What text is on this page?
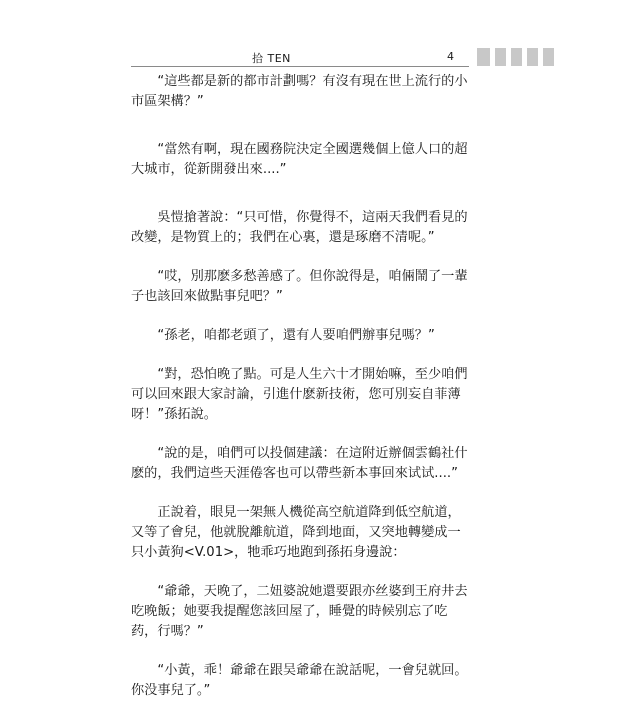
拾 TEN	4

“這些都是新的都市計劃嗎？有沒有現在世上流行的小市區架構？”

“當然有啊，現在國務院決定全國選幾個上億人口的超大城市，從新開發出來....”

吳愷搶著說：“只可惜，你覺得不，這兩天我們看見的改變，是物質上的；我們在心裏，還是琢磨不清呢。”

“哎，別那麽多愁善感了。但你說得是，咱倆鬧了一輩子也該回來做點事兒吧？”

“孫老，咱都老頭了，還有人要咱們辦事兒嗎？”

“對，恐怕晚了點。可是人生六十才開始嘛，至少咱們可以回來跟大家討論，引進什麽新技術，您可別妄自菲薄呀！”孫拓說。

“說的是，咱們可以投個建議：在這附近辦個雲鶴社什麽的，我們這些天涯倦客也可以帶些新本事回來试试....”

正說着，眼見一架無人機從高空航道降到低空航道，又等了會兒，他就脫離航道，降到地面，又突地轉變成一只小黃狗<V.01>，牠乖巧地跑到孫拓身邊說：

“爺爺，天晚了，二妞婆說她還要跟亦丝婆到王府井去吃晚飯；她要我提醒您該回屋了，睡覺的時候别忘了吃药，行嗎？”

“小黃，乖！爺爺在跟吴爺爺在說話呢，一會兒就回。你没事兒了。”
